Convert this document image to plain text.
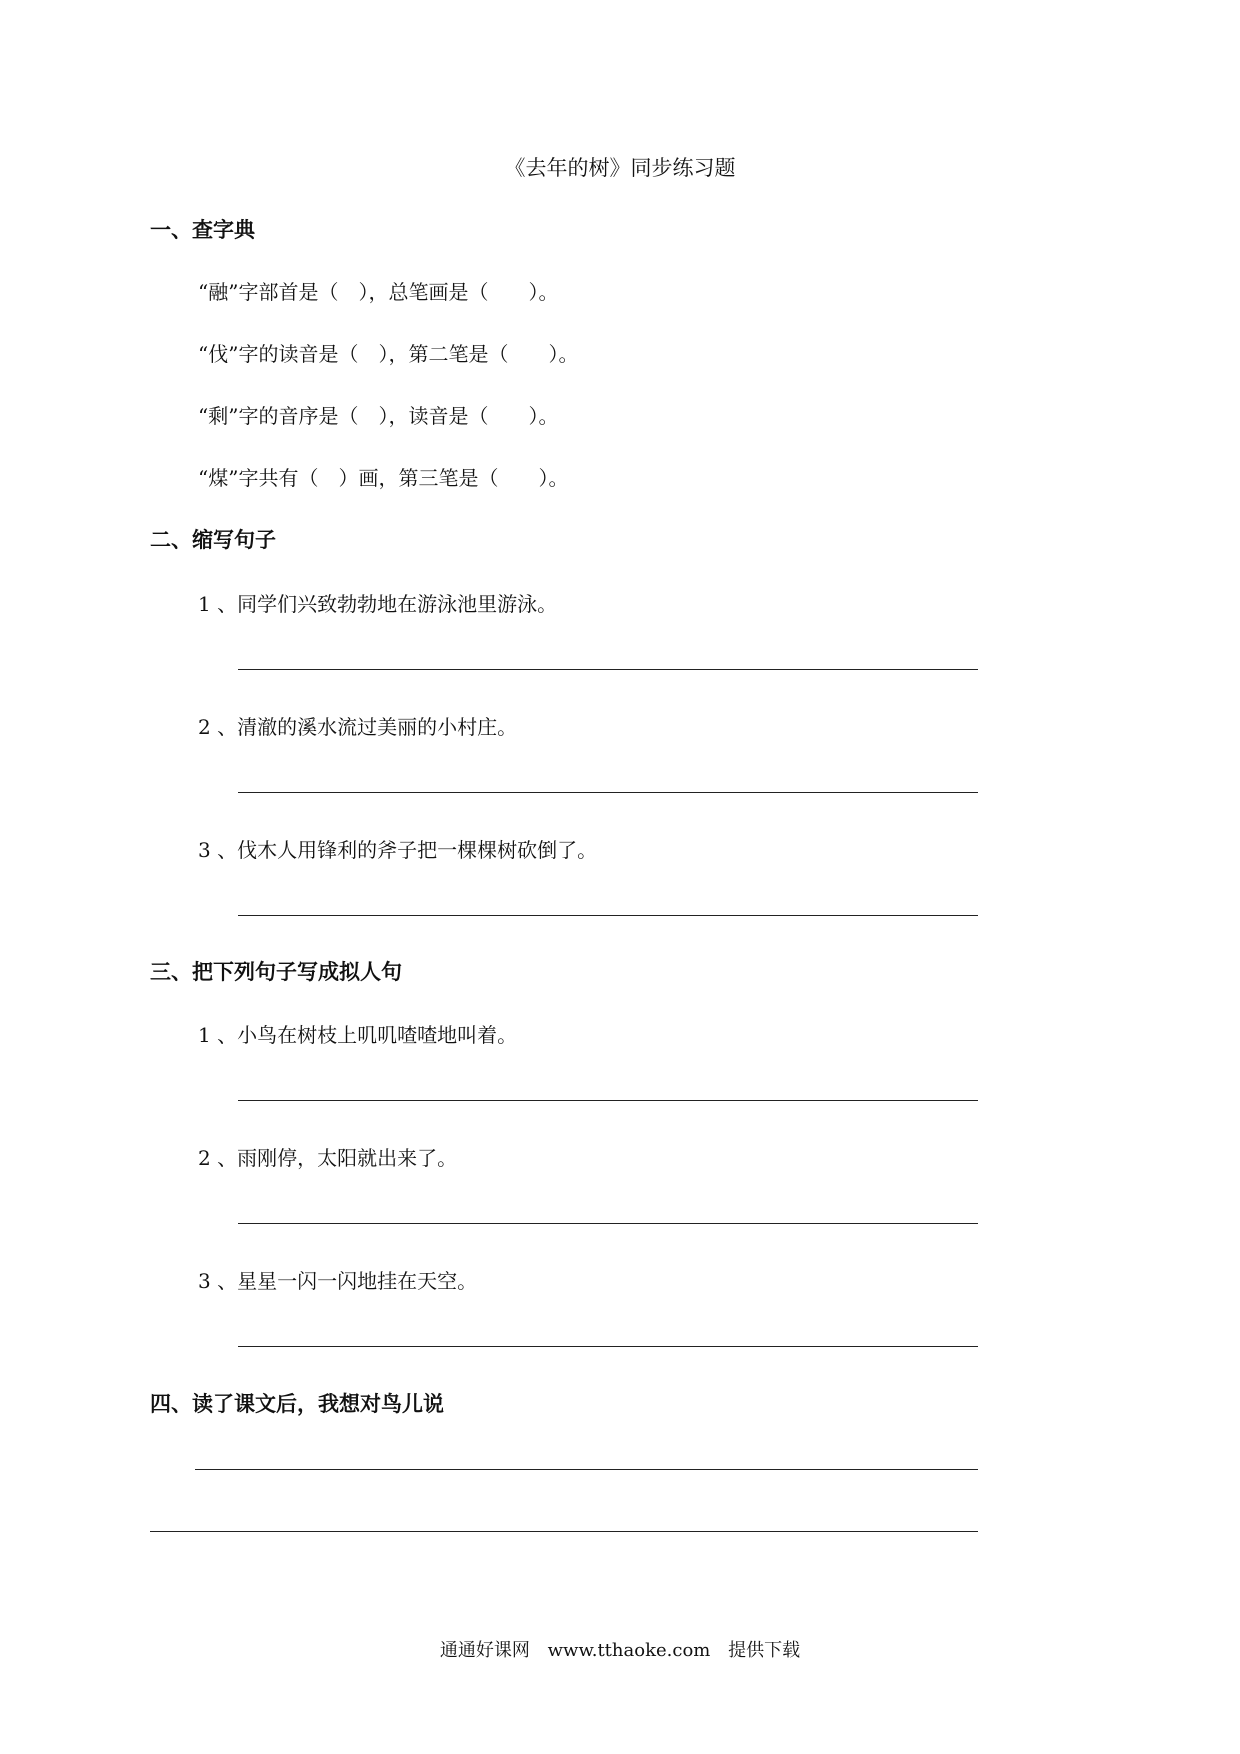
《去年的树》同步练习题
一、查字典
“融”字部首是（　），总笔画是（　　）。
“伐”字的读音是（　），第二笔是（　　）。
“剩”字的音序是（　），读音是（　　）。
“煤”字共有（　）画，第三笔是（　　）。
二、缩写句子
1 、同学们兴致勃勃地在游泳池里游泳。
2 、清澈的溪水流过美丽的小村庄。
3 、伐木人用锋利的斧子把一棵棵树砍倒了。
三、把下列句子写成拟人句
1 、小鸟在树枝上叽叽喳喳地叫着。
2 、雨刚停，太阳就出来了。
3 、星星一闪一闪地挂在天空。
四、读了课文后，我想对鸟儿说
通通好课网 www.tthaoke.com 提供下载
